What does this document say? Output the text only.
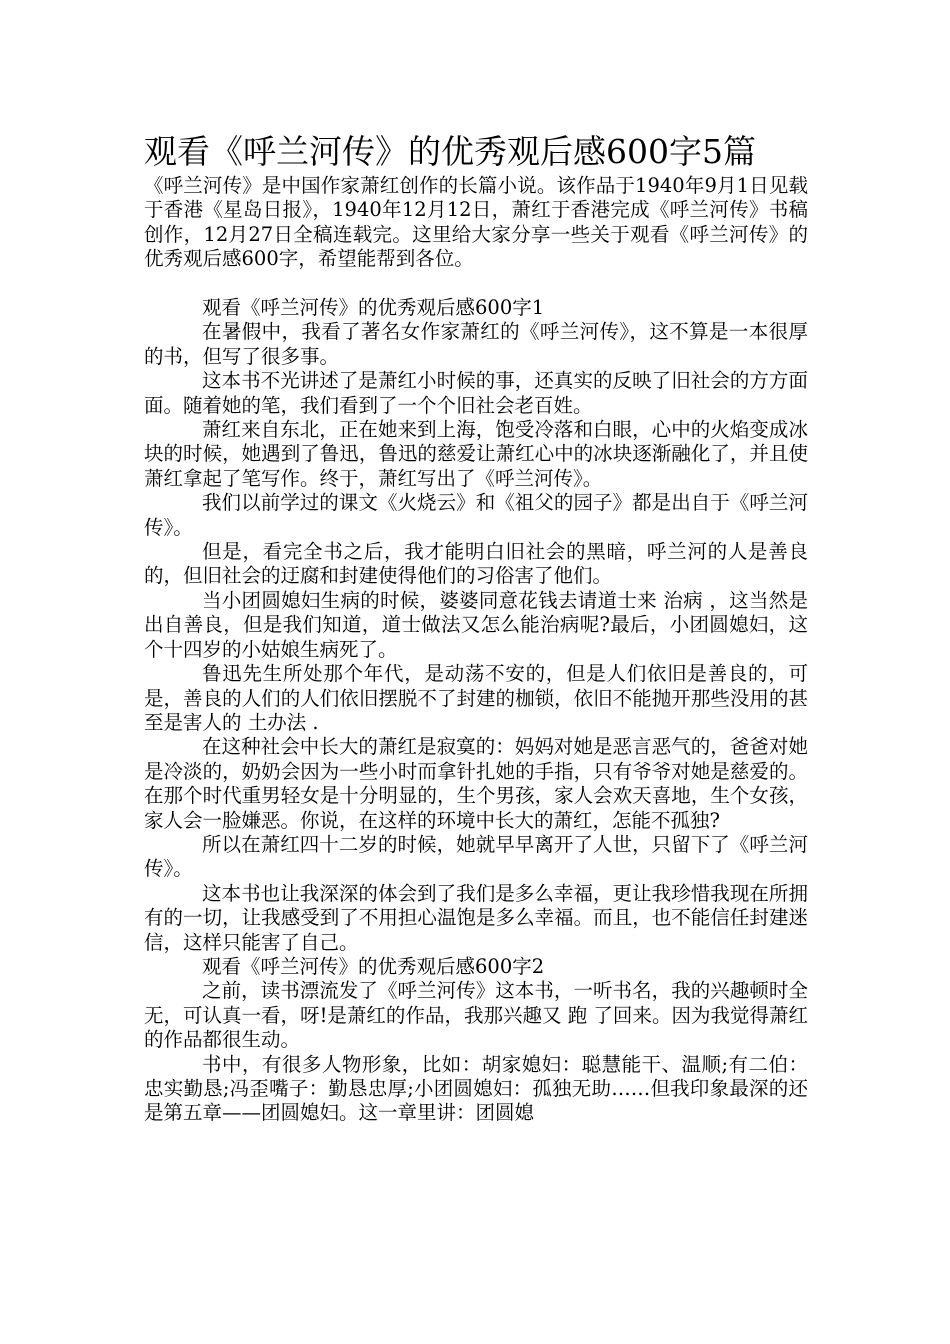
观看《呼兰河传》的优秀观后感600字5篇

《呼兰河传》是中国作家萧红创作的长篇小说。该作品于1940年9月1日见载于香港《星岛日报》，1940年12月12日，萧红于香港完成《呼兰河传》书稿创作，12月27日全稿连载完。这里给大家分享一些关于观看《呼兰河传》的优秀观后感600字，希望能帮到各位。

观看《呼兰河传》的优秀观后感600字1

在暑假中，我看了著名女作家萧红的《呼兰河传》，这不算是一本很厚的书，但写了很多事。

这本书不光讲述了是萧红小时候的事，还真实的反映了旧社会的方方面面。随着她的笔，我们看到了一个个旧社会老百姓。

萧红来自东北，正在她来到上海，饱受冷落和白眼，心中的火焰变成冰块的时候，她遇到了鲁迅，鲁迅的慈爱让萧红心中的冰块逐渐融化了，并且使萧红拿起了笔写作。终于，萧红写出了《呼兰河传》。

我们以前学过的课文《火烧云》和《祖父的园子》都是出自于《呼兰河传》。

但是，看完全书之后，我才能明白旧社会的黑暗，呼兰河的人是善良的，但旧社会的迂腐和封建使得他们的习俗害了他们。

当小团圆媳妇生病的时候，婆婆同意花钱去请道士来 治病 ，这当然是出自善良，但是我们知道，道士做法又怎么能治病呢?最后，小团圆媳妇，这个十四岁的小姑娘生病死了。

鲁迅先生所处那个年代，是动荡不安的，但是人们依旧是善良的，可是，善良的人们的人们依旧摆脱不了封建的枷锁，依旧不能抛开那些没用的甚至是害人的 土办法 .

在这种社会中长大的萧红是寂寞的：妈妈对她是恶言恶气的，爸爸对她是冷淡的，奶奶会因为一些小时而拿针扎她的手指，只有爷爷对她是慈爱的。在那个时代重男轻女是十分明显的，生个男孩，家人会欢天喜地，生个女孩，家人会一脸嫌恶。你说，在这样的环境中长大的萧红，怎能不孤独?

所以在萧红四十二岁的时候，她就早早离开了人世，只留下了《呼兰河传》。

这本书也让我深深的体会到了我们是多么幸福，更让我珍惜我现在所拥有的一切，让我感受到了不用担心温饱是多么幸福。而且，也不能信任封建迷信，这样只能害了自己。

观看《呼兰河传》的优秀观后感600字2

之前，读书漂流发了《呼兰河传》这本书，一听书名，我的兴趣顿时全无，可认真一看，呀!是萧红的作品，我那兴趣又 跑 了回来。因为我觉得萧红的作品都很生动。

书中，有很多人物形象，比如：胡家媳妇：聪慧能干、温顺;有二伯：忠实勤恳;冯歪嘴子：勤恳忠厚;小团圆媳妇：孤独无助……但我印象最深的还是第五章——团圆媳妇。这一章里讲：团圆媳
